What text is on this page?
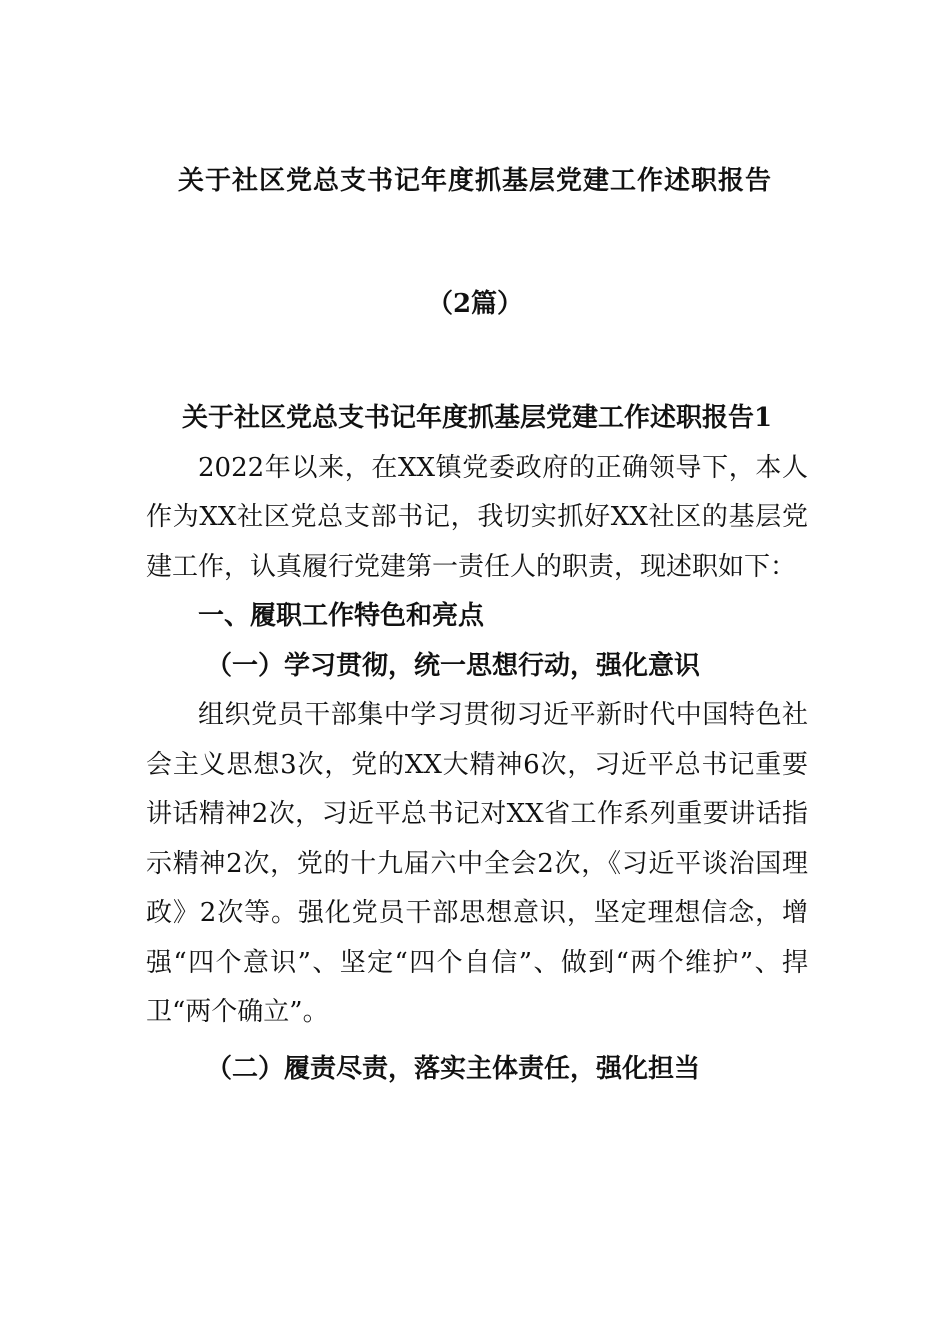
关于社区党总支书记年度抓基层党建工作述职报告
（2篇）

关于社区党总支书记年度抓基层党建工作述职报告1

2022年以来，在XX镇党委政府的正确领导下，本人作为XX社区党总支部书记，我切实抓好XX社区的基层党建工作，认真履行党建第一责任人的职责，现述职如下：

一、履职工作特色和亮点

（一）学习贯彻，统一思想行动，强化意识

组织党员干部集中学习贯彻习近平新时代中国特色社会主义思想3次，党的XX大精神6次，习近平总书记重要讲话精神2次，习近平总书记对XX省工作系列重要讲话指示精神2次，党的十九届六中全会2次，《习近平谈治国理政》2次等。强化党员干部思想意识，坚定理想信念，增强“四个意识”、坚定“四个自信”、做到“两个维护”、捍卫“两个确立”。

（二）履责尽责，落实主体责任，强化担当
